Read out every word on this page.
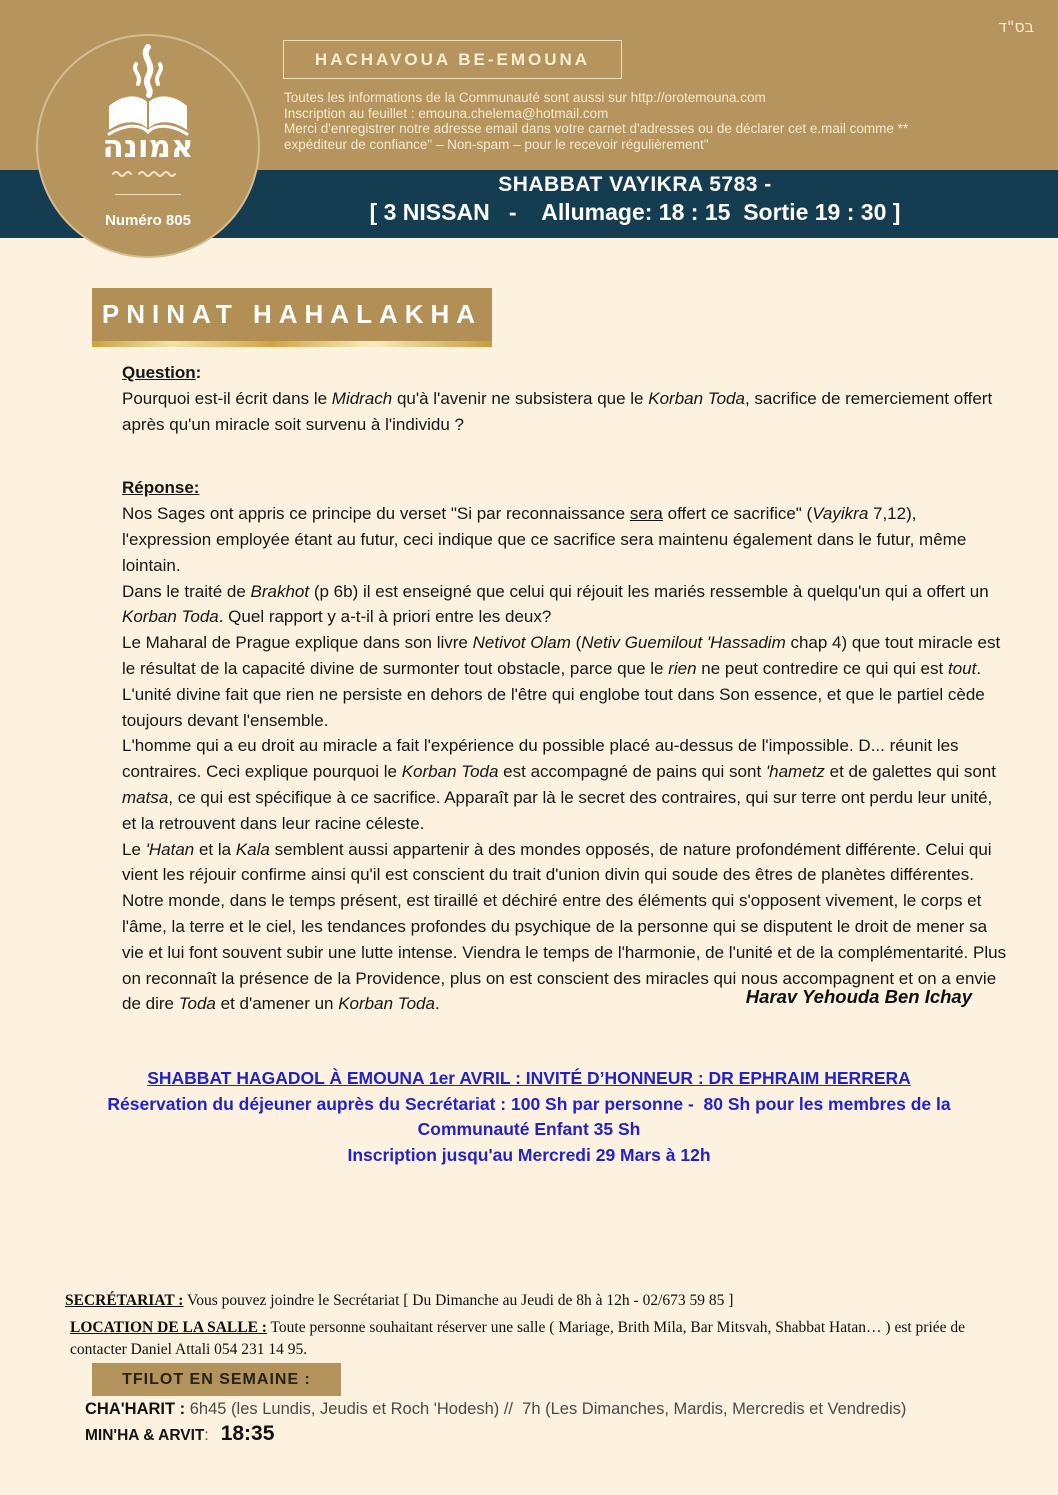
בס"ד
HACHAVOUA BE-EMOUNA
Toutes les informations de la Communauté sont aussi sur http://orotemouna.com
Inscription au feuillet : emouna.chelema@hotmail.com
Merci d'enregistrer notre adresse email dans votre carnet d'adresses ou de déclarer cet e.mail comme **
expéditeur de confiance" – Non-spam – pour le recevoir régulièrement"
SHABBAT VAYIKRA 5783 -
[ 3 NISSAN   -    Allumage: 18 : 15  Sortie 19 : 30 ]
אמונה
Numéro 805
PNINAT HAHALAKHA
Question:

Pourquoi est-il écrit dans le Midrach qu'à l'avenir ne subsistera que le Korban Toda, sacrifice de remerciement offert après qu'un miracle soit survenu à l'individu ?

Réponse:

Nos Sages ont appris ce principe du verset "Si par reconnaissance sera offert ce sacrifice" (Vayikra 7,12), l'expression employée étant au futur, ceci indique que ce sacrifice sera maintenu également dans le futur, même lointain.

Dans le traité de Brakhot (p 6b) il est enseigné que celui qui réjouit les mariés ressemble à quelqu'un qui a offert un Korban Toda. Quel rapport y a-t-il à priori entre les deux?

Le Maharal de Prague explique dans son livre Netivot Olam (Netiv Guemilout 'Hassadim chap 4) que tout miracle est le résultat de la capacité divine de surmonter tout obstacle, parce que le rien ne peut contredire ce qui qui est tout. L'unité divine fait que rien ne persiste en dehors de l'être qui englobe tout dans Son essence, et que le partiel cède toujours devant l'ensemble.

L'homme qui a eu droit au miracle a fait l'expérience du possible placé au-dessus de l'impossible. D... réunit les contraires. Ceci explique pourquoi le Korban Toda est accompagné de pains qui sont 'hametz et de galettes qui sont matsa, ce qui est spécifique à ce sacrifice. Apparaît par là le secret des contraires, qui sur terre ont perdu leur unité, et la retrouvent dans leur racine céleste.

Le 'Hatan et la Kala semblent aussi appartenir à des mondes opposés, de nature profondément différente. Celui qui vient les réjouir confirme ainsi qu'il est conscient du trait d'union divin qui soude des êtres de planètes différentes. Notre monde, dans le temps présent, est tiraillé et déchiré entre des éléments qui s'opposent vivement, le corps et l'âme, la terre et le ciel, les tendances profondes du psychique de la personne qui se disputent le droit de mener sa vie et lui font souvent subir une lutte intense. Viendra le temps de l'harmonie, de l'unité et de la complémentarité. Plus on reconnaît la présence de la Providence, plus on est conscient des miracles qui nous accompagnent et on a envie de dire Toda et d'amener un Korban Toda.	Harav Yehouda Ben Ichay
SHABBAT HAGADOL À EMOUNA 1er AVRIL : INVITÉ D’HONNEUR : DR EPHRAIM HERRERA
Réservation du déjeuner auprès du Secrétariat : 100 Sh par personne -  80 Sh pour les membres de la
Communauté Enfant 35 Sh
Inscription jusqu'au Mercredi 29 Mars à 12h
SECRÉTARIAT : Vous pouvez joindre le Secrétariat [ Du Dimanche au Jeudi de 8h à 12h - 02/673 59 85 ]
LOCATION DE LA SALLE : Toute personne souhaitant réserver une salle ( Mariage, Brith Mila, Bar Mitsvah, Shabbat Hatan… ) est priée de contacter Daniel Attali 054 231 14 95.
TFILOT EN SEMAINE :
CHA'HARIT : 6h45 (les Lundis, Jeudis et Roch 'Hodesh) //  7h (Les Dimanches, Mardis, Mercredis et Vendredis)
MIN'HA & ARVIT : 18:35
